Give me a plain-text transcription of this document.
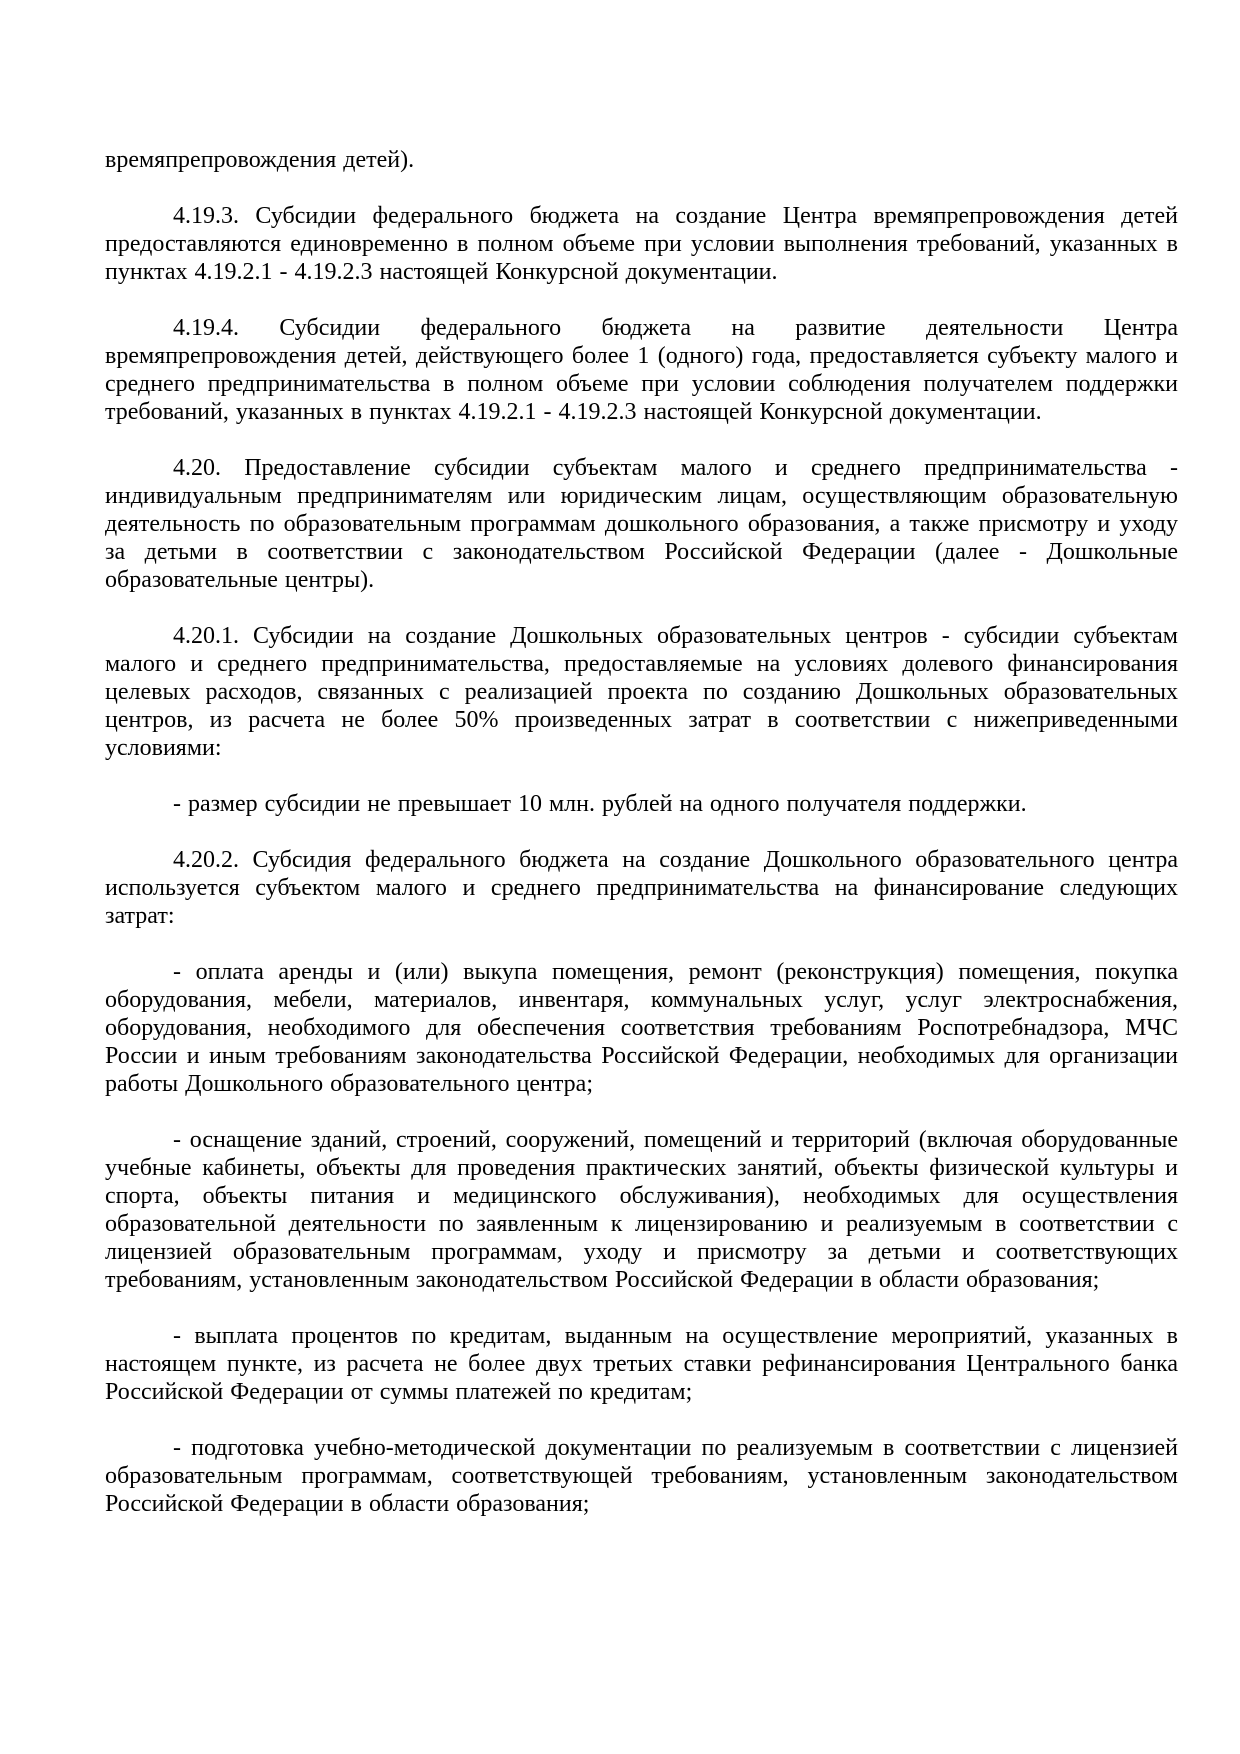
времяпрепровождения детей).

4.19.3. Субсидии федерального бюджета на создание Центра времяпрепровождения детей предоставляются единовременно в полном объеме при условии выполнения требований, указанных в пунктах 4.19.2.1 - 4.19.2.3 настоящей Конкурсной документации.

4.19.4. Субсидии федерального бюджета на развитие деятельности Центра времяпрепровождения детей, действующего более 1 (одного) года, предоставляется субъекту малого и среднего предпринимательства в полном объеме при условии соблюдения получателем поддержки требований, указанных в пунктах 4.19.2.1 - 4.19.2.3 настоящей Конкурсной документации.

4.20. Предоставление субсидии субъектам малого и среднего предпринимательства - индивидуальным предпринимателям или юридическим лицам, осуществляющим образовательную деятельность по образовательным программам дошкольного образования, а также присмотру и уходу за детьми в соответствии с законодательством Российской Федерации (далее - Дошкольные образовательные центры).

4.20.1. Субсидии на создание Дошкольных образовательных центров - субсидии субъектам малого и среднего предпринимательства, предоставляемые на условиях долевого финансирования целевых расходов, связанных с реализацией проекта по созданию Дошкольных образовательных центров, из расчета не более 50% произведенных затрат в соответствии с нижеприведенными условиями:

- размер субсидии не превышает 10 млн. рублей на одного получателя поддержки.

4.20.2. Субсидия федерального бюджета на создание Дошкольного образовательного центра используется субъектом малого и среднего предпринимательства на финансирование следующих затрат:

- оплата аренды и (или) выкупа помещения, ремонт (реконструкция) помещения, покупка оборудования, мебели, материалов, инвентаря, коммунальных услуг, услуг электроснабжения, оборудования, необходимого для обеспечения соответствия требованиям Роспотребнадзора, МЧС России и иным требованиям законодательства Российской Федерации, необходимых для организации работы Дошкольного образовательного центра;

- оснащение зданий, строений, сооружений, помещений и территорий (включая оборудованные учебные кабинеты, объекты для проведения практических занятий, объекты физической культуры и спорта, объекты питания и медицинского обслуживания), необходимых для осуществления образовательной деятельности по заявленным к лицензированию и реализуемым в соответствии с лицензией образовательным программам, уходу и присмотру за детьми и соответствующих требованиям, установленным законодательством Российской Федерации в области образования;

- выплата процентов по кредитам, выданным на осуществление мероприятий, указанных в настоящем пункте, из расчета не более двух третьих ставки рефинансирования Центрального банка Российской Федерации от суммы платежей по кредитам;

- подготовка учебно-методической документации по реализуемым в соответствии с лицензией образовательным программам, соответствующей требованиям, установленным законодательством Российской Федерации в области образования;
